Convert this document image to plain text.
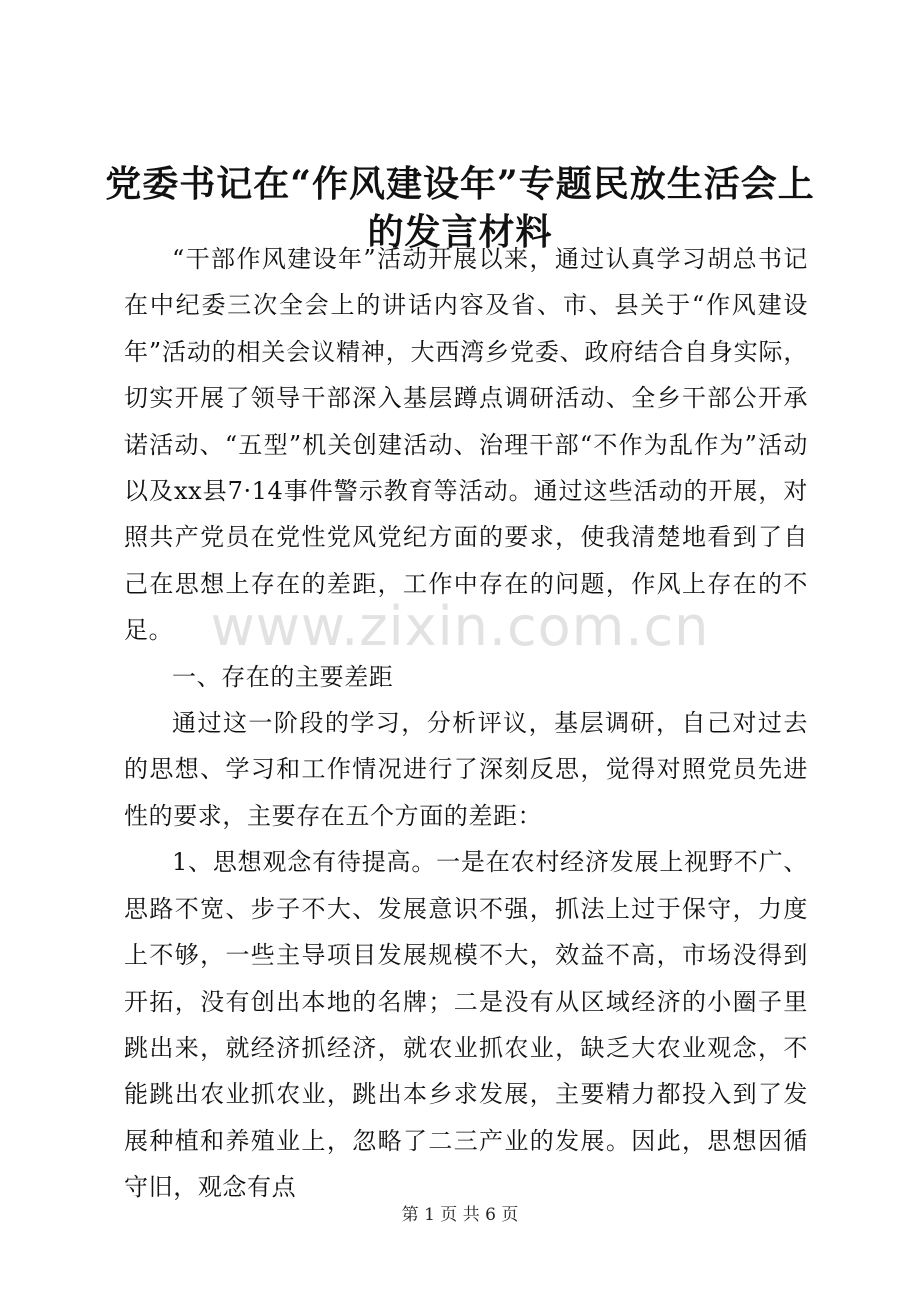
党委书记在“作风建设年”专题民放生活会上的发言材料

“干部作风建设年”活动开展以来，通过认真学习胡总书记在中纪委三次全会上的讲话内容及省、市、县关于“作风建设年”活动的相关会议精神，大西湾乡党委、政府结合自身实际，切实开展了领导干部深入基层蹲点调研活动、全乡干部公开承诺活动、“五型”机关创建活动、治理干部“不作为乱作为”活动以及xx县7·14事件警示教育等活动。通过这些活动的开展，对照共产党员在党性党风党纪方面的要求，使我清楚地看到了自己在思想上存在的差距，工作中存在的问题，作风上存在的不足。

一、存在的主要差距

通过这一阶段的学习，分析评议，基层调研，自己对过去的思想、学习和工作情况进行了深刻反思，觉得对照党员先进性的要求，主要存在五个方面的差距：

1、思想观念有待提高。一是在农村经济发展上视野不广、思路不宽、步子不大、发展意识不强，抓法上过于保守，力度上不够，一些主导项目发展规模不大，效益不高，市场没得到开拓，没有创出本地的名牌；二是没有从区域经济的小圈子里跳出来，就经济抓经济，就农业抓农业，缺乏大农业观念，不能跳出农业抓农业，跳出本乡求发展，主要精力都投入到了发展种植和养殖业上，忽略了二三产业的发展。因此，思想因循守旧，观念有点

www.zixin.com.cn
第 1 页 共 6 页
